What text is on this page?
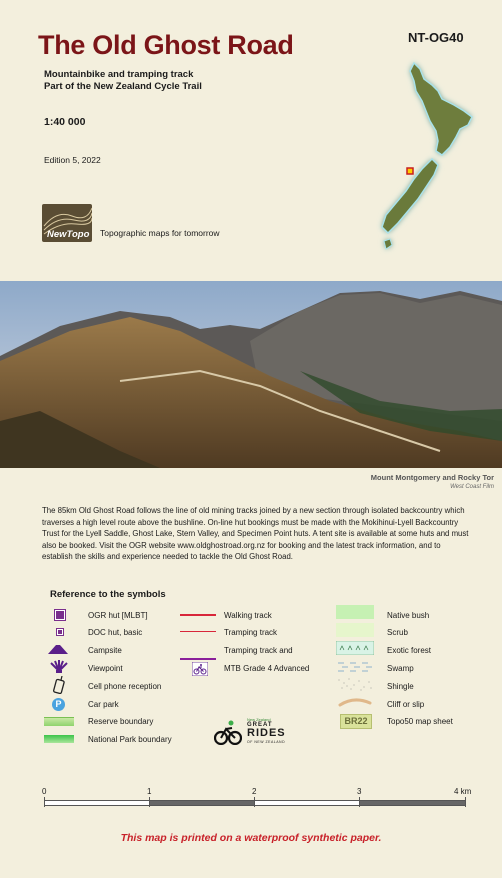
The Old Ghost Road	NT-OG40
Mountainbike and tramping track
Part of the New Zealand Cycle Trail
1:40 000
Edition 5, 2022
NewTopo Topographic maps for tomorrow
Mount Montgomery and Rocky Tor
West Coast Film
The 85km Old Ghost Road follows the line of old mining tracks joined by a new section through isolated backcountry which traverses a high level route above the bushline. On-line hut bookings must be made with the Mokihinui-Lyell Backcountry Trust for the Lyell Saddle, Ghost Lake, Stern Valley, and Specimen Point huts. A tent site is available at some huts and must also be booked. Visit the OGR website www.oldghostroad.org.nz for booking and the latest track information, and to establish the skills and experience needed to tackle the Old Ghost Road.
Reference to the symbols
P
OGR hut [MLBT]
DOC hut, basic
Campsite
Viewpoint
Cell phone reception
Car park
Reserve boundary
National Park boundary
Walking track
Tramping track
Tramping track and
MTB Grade 4 Advanced
New Zealand
GREAT
RIDES
OF NEW ZEALAND
BR22
Native bush
Scrub
Exotic forest
Swamp
Shingle
Cliff or slip
Topo50 map sheet
0	1	2	3	4 km
This map is printed on a waterproof synthetic paper.
